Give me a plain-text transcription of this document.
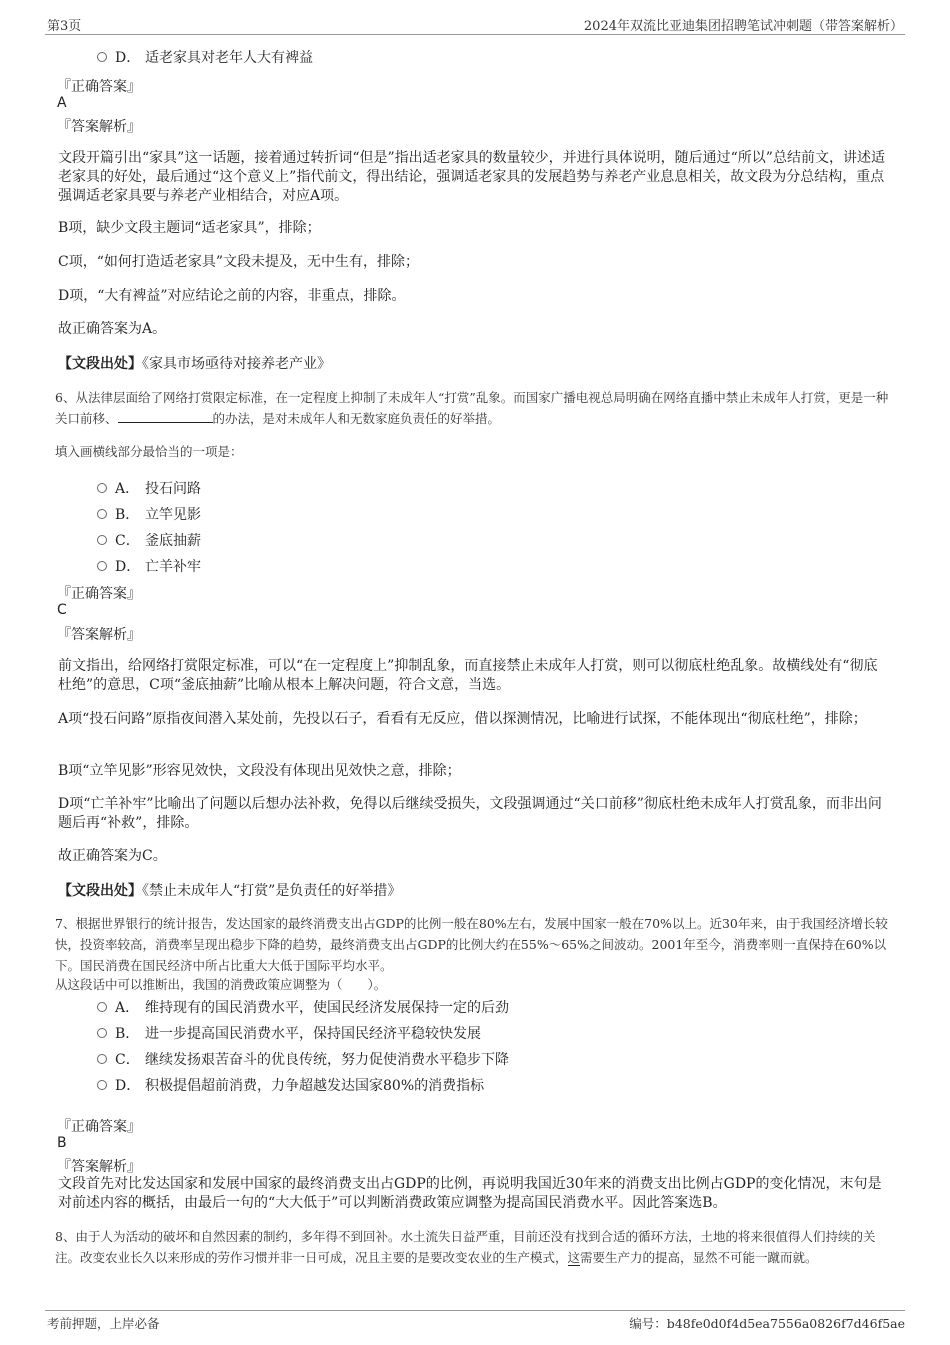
第3页	2024年双流比亚迪集团招聘笔试冲刺题（带答案解析）
D． 适老家具对老年人大有裨益
『正确答案』
A
『答案解析』
文段开篇引出“家具”这一话题，接着通过转折词“但是”指出适老家具的数量较少，并进行具体说明，随后通过“所以”总结前文，讲述适老家具的好处，最后通过“这个意义上”指代前文，得出结论，强调适老家具的发展趋势与养老产业息息相关，故文段为分总结构，重点强调适老家具要与养老产业相结合，对应A项。
B项，缺少文段主题词“适老家具”，排除；
C项，“如何打造适老家具”文段未提及，无中生有，排除；
D项，“大有裨益”对应结论之前的内容，非重点，排除。
故正确答案为A。
【文段出处】《家具市场亟待对接养老产业》
6、从法律层面给了网络打赏限定标准，在一定程度上抑制了未成年人“打赏”乱象。而国家广播电视总局明确在网络直播中禁止未成年人打赏，更是一种关口前移、	的办法，是对未成年人和无数家庭负责任的好举措。
填入画横线部分最恰当的一项是：
A． 投石问路
B． 立竿见影
C． 釜底抽薪
D． 亡羊补牢
『正确答案』
C
『答案解析』
前文指出，给网络打赏限定标准，可以“在一定程度上”抑制乱象，而直接禁止未成年人打赏，则可以彻底杜绝乱象。故横线处有“彻底杜绝”的意思，C项“釜底抽薪”比喻从根本上解决问题，符合文意，当选。
A项“投石问路”原指夜间潜入某处前，先投以石子，看看有无反应，借以探测情况，比喻进行试探，不能体现出“彻底杜绝”，排除；
B项“立竿见影”形容见效快，文段没有体现出见效快之意，排除；
D项“亡羊补牢”比喻出了问题以后想办法补救，免得以后继续受损失，文段强调通过“关口前移”彻底杜绝未成年人打赏乱象，而非出问题后再“补救”，排除。
故正确答案为C。
【文段出处】《禁止未成年人“打赏”是负责任的好举措》
7、根据世界银行的统计报告，发达国家的最终消费支出占GDP的比例一般在80%左右，发展中国家一般在70%以上。近30年来，由于我国经济增长较快，投资率较高，消费率呈现出稳步下降的趋势，最终消费支出占GDP的比例大约在55%～65%之间波动。2001年至今，消费率则一直保持在60%以下。国民消费在国民经济中所占比重大大低于国际平均水平。
从这段话中可以推断出，我国的消费政策应调整为（　　）。
A． 维持现有的国民消费水平，使国民经济发展保持一定的后劲
B． 进一步提高国民消费水平，保持国民经济平稳较快发展
C． 继续发扬艰苦奋斗的优良传统，努力促使消费水平稳步下降
D． 积极提倡超前消费，力争超越发达国家80%的消费指标
『正确答案』
B
『答案解析』
文段首先对比发达国家和发展中国家的最终消费支出占GDP的比例，再说明我国近30年来的消费支出比例占GDP的变化情况，末句是对前述内容的概括，由最后一句的“大大低于”可以判断消费政策应调整为提高国民消费水平。因此答案选B。
8、由于人为活动的破坏和自然因素的制约，多年得不到回补。水土流失日益严重，目前还没有找到合适的循环方法，土地的将来很值得人们持续的关注。改变农业长久以来形成的劳作习惯并非一日可成，况且主要的是要改变农业的生产模式，这需要生产力的提高，显然不可能一蹴而就。
考前押题，上岸必备	编号：b48fe0d0f4d5ea7556a0826f7d46f5ae
